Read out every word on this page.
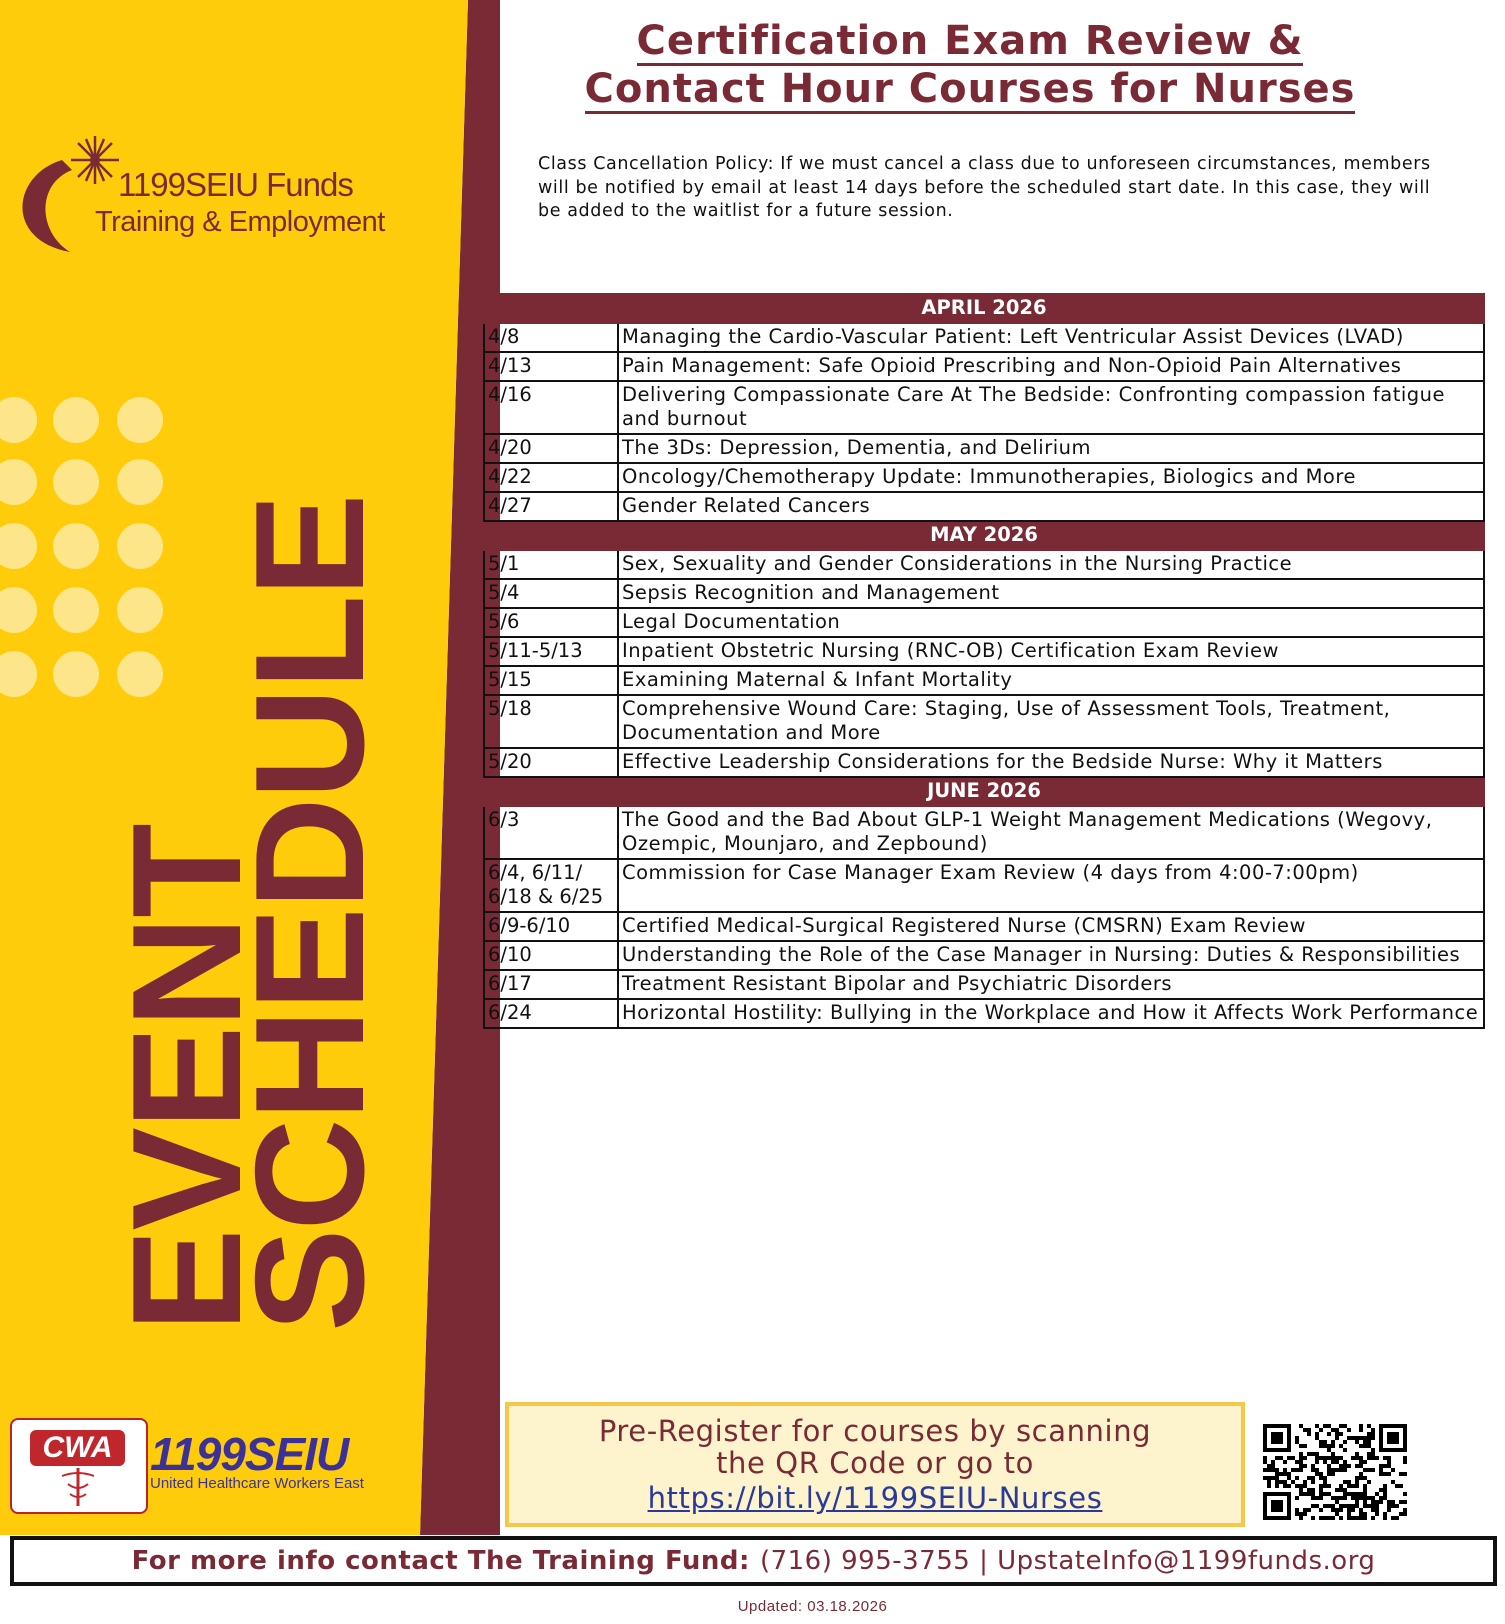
1199SEIU Funds
Training & Employment
EVENT
SCHEDULE
CWA 1199SEIU
United Healthcare Workers East
Certification Exam Review &
Contact Hour Courses for Nurses
Class Cancellation Policy: If we must cancel a class due to unforeseen circumstances, members will be notified by email at least 14 days before the scheduled start date. In this case, they will be added to the waitlist for a future session.
APRIL 2026	
4/8	Managing the Cardio-Vascular Patient: Left Ventricular Assist Devices (LVAD)
4/13	Pain Management: Safe Opioid Prescribing and Non-Opioid Pain Alternatives
4/16	Delivering Compassionate Care At The Bedside: Confronting compassion fatigue and burnout
4/20	The 3Ds: Depression, Dementia, and Delirium
4/22	Oncology/Chemotherapy Update: Immunotherapies, Biologics and More
4/27	Gender Related Cancers
MAY 2026	
5/1	Sex, Sexuality and Gender Considerations in the Nursing Practice
5/4	Sepsis Recognition and Management
5/6	Legal Documentation
5/11-5/13	Inpatient Obstetric Nursing (RNC-OB) Certification Exam Review
5/15	Examining Maternal & Infant Mortality
5/18	Comprehensive Wound Care: Staging, Use of Assessment Tools, Treatment, Documentation and More
5/20	Effective Leadership Considerations for the Bedside Nurse: Why it Matters
JUNE 2026	
6/3	The Good and the Bad About GLP-1 Weight Management Medications (Wegovy, Ozempic, Mounjaro, and Zepbound)
6/4, 6/11/ 6/18 & 6/25	Commission for Case Manager Exam Review (4 days from 4:00-7:00pm)
6/9-6/10	Certified Medical-Surgical Registered Nurse (CMSRN) Exam Review
6/10	Understanding the Role of the Case Manager in Nursing: Duties & Responsibilities
6/17	Treatment Resistant Bipolar and Psychiatric Disorders
6/24	Horizontal Hostility: Bullying in the Workplace and How it Affects Work Performance
Pre-Register for courses by scanning
the QR Code or go to
https://bit.ly/1199SEIU-Nurses
For more info contact The Training Fund: (716) 995-3755 | UpstateInfo@1199funds.org
Updated: 03.18.2026
